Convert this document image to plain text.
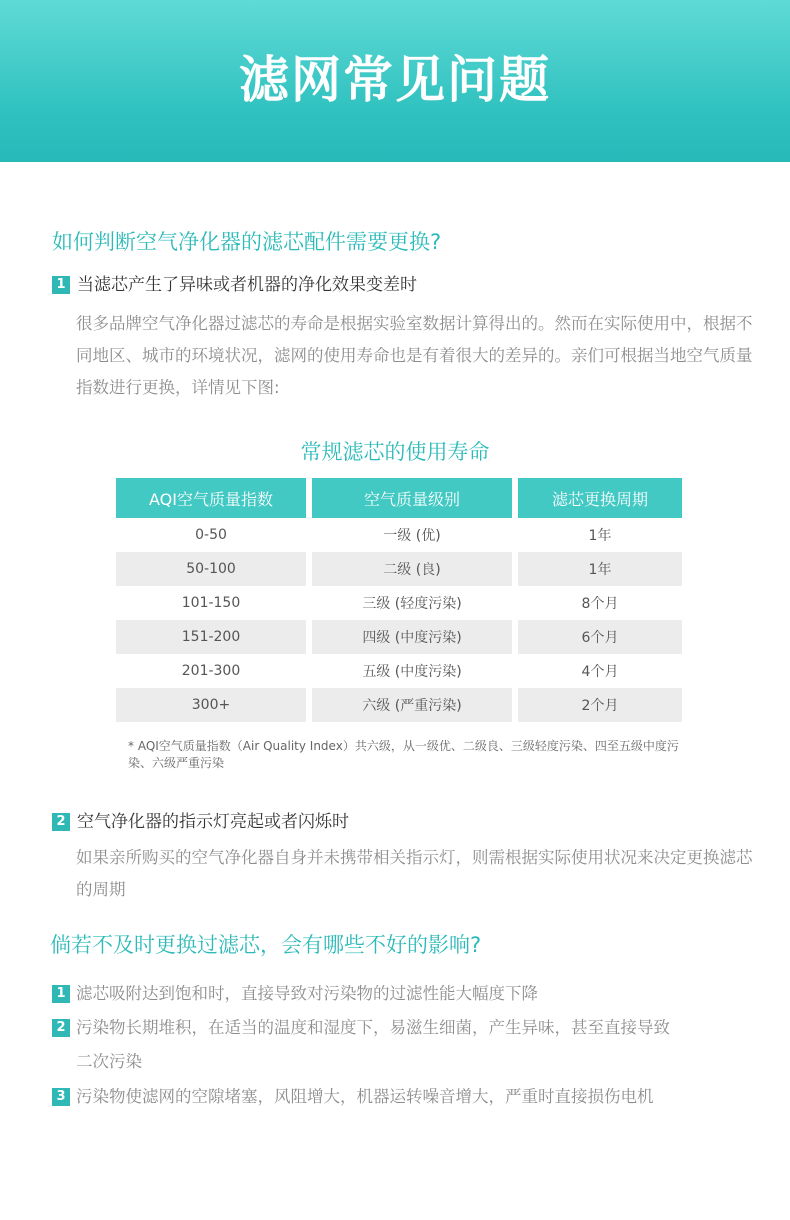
滤网常见问题
如何判断空气净化器的滤芯配件需要更换?
1 当滤芯产生了异味或者机器的净化效果变差时
很多品牌空气净化器过滤芯的寿命是根据实验室数据计算得出的。然而在实际使用中，根据不同地区、城市的环境状况，滤网的使用寿命也是有着很大的差异的。亲们可根据当地空气质量指数进行更换，详情见下图:
常规滤芯的使用寿命
AQI空气质量指数	空气质量级别	滤芯更换周期
0-50	一级 (优)	1年
50-100	二级 (良)	1年
101-150	三级 (轻度污染)	8个月
151-200	四级 (中度污染)	6个月
201-300	五级 (中度污染)	4个月
300+	六级 (严重污染)	2个月
* AQI空气质量指数（Air Quality Index）共六级，从一级优、二级良、三级轻度污染、四至五级中度污染、六级严重污染
2 空气净化器的指示灯亮起或者闪烁时
如果亲所购买的空气净化器自身并未携带相关指示灯，则需根据实际使用状况来决定更换滤芯的周期
倘若不及时更换过滤芯，会有哪些不好的影响?
1 滤芯吸附达到饱和时，直接导致对污染物的过滤性能大幅度下降
2 污染物长期堆积，在适当的温度和湿度下，易滋生细菌，产生异味，甚至直接导致
二次污染
3 污染物使滤网的空隙堵塞，风阻增大，机器运转噪音增大，严重时直接损伤电机
